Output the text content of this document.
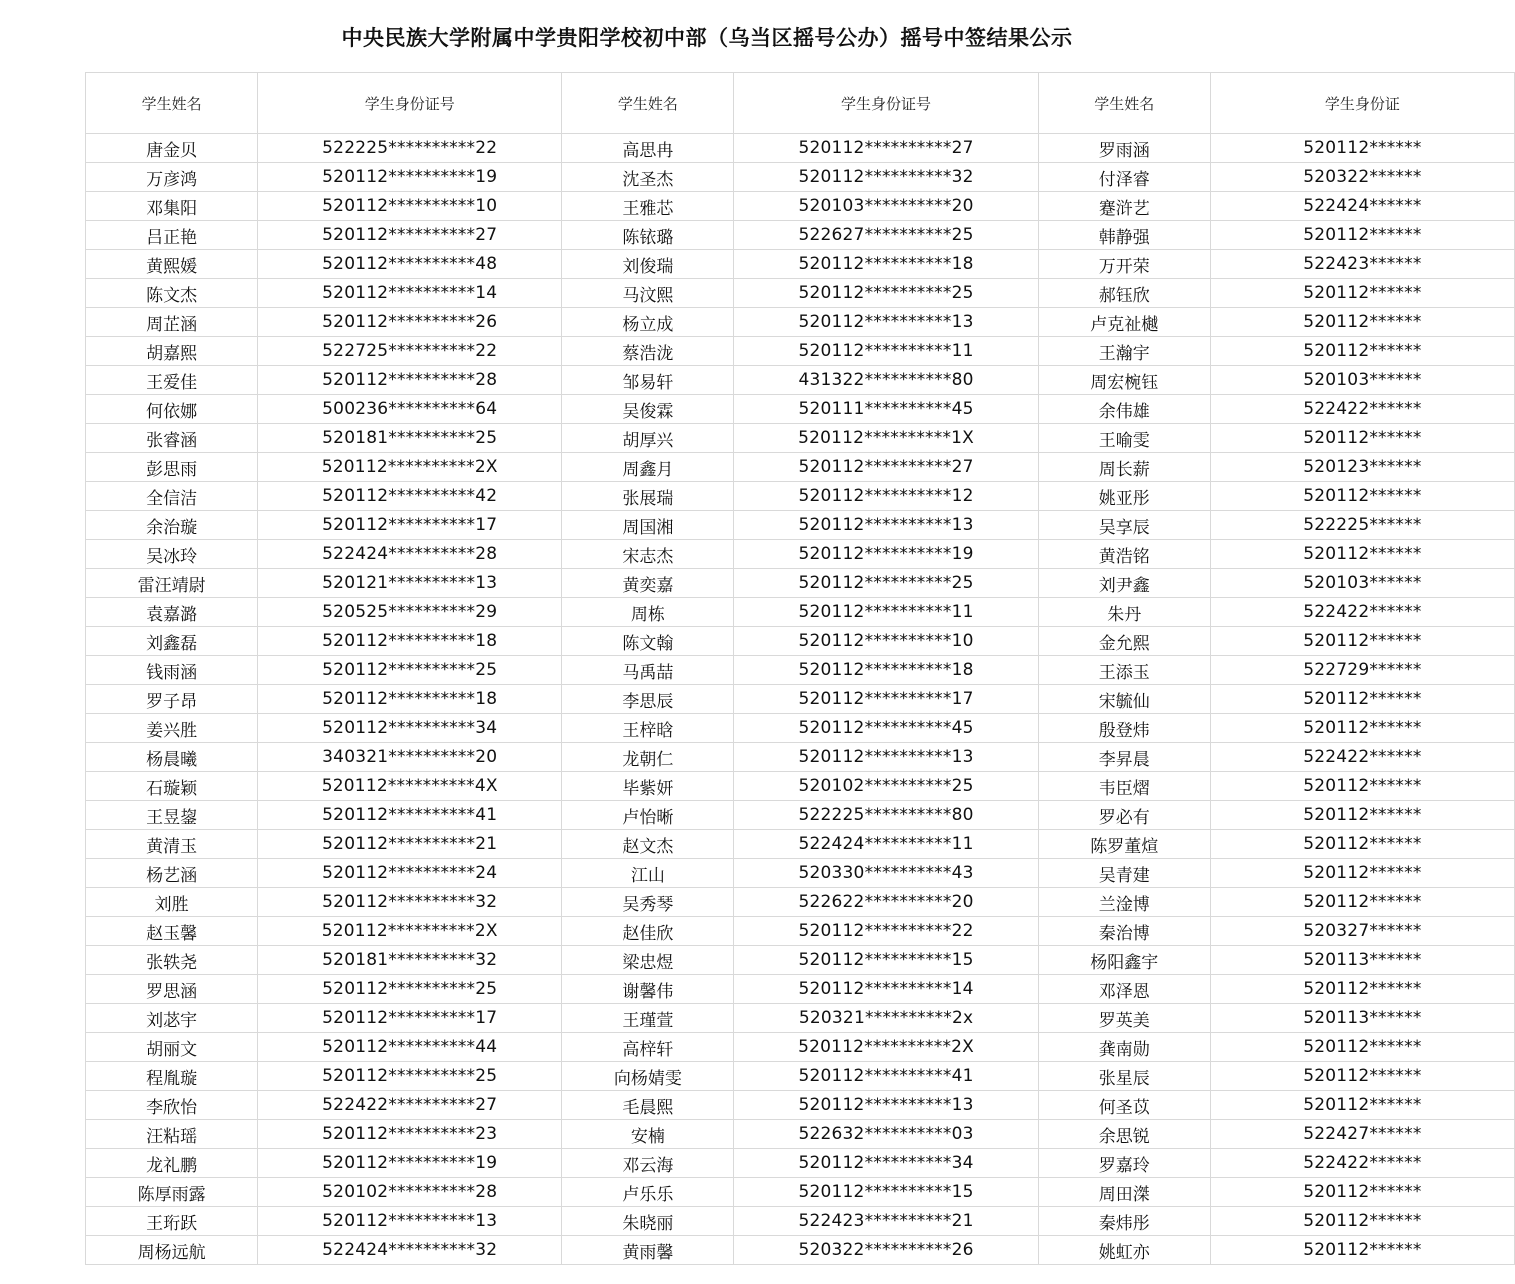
中央民族大学附属中学贵阳学校初中部（乌当区摇号公办）摇号中签结果公示
学生姓名	学生身份证号	学生姓名	学生身份证号	学生姓名	学生身份证
唐金贝	522225**********22	高思冉	520112**********27	罗雨涵	520112******
万彦鸿	520112**********19	沈圣杰	520112**********32	付泽睿	520322******
邓集阳	520112**********10	王雅芯	520103**********20	蹇浒艺	522424******
吕正艳	520112**********27	陈铱璐	522627**********25	韩静强	520112******
黄熙媛	520112**********48	刘俊瑞	520112**********18	万开荣	522423******
陈文杰	520112**********14	马汶熙	520112**********25	郝钰欣	520112******
周芷涵	520112**********26	杨立成	520112**********13	卢克祉樾	520112******
胡嘉熙	522725**********22	蔡浩泷	520112**********11	王瀚宇	520112******
王爱佳	520112**********28	邹易轩	431322**********80	周宏椀钰	520103******
何依娜	500236**********64	吴俊霖	520111**********45	余伟雄	522422******
张睿涵	520181**********25	胡厚兴	520112**********1X	王喻雯	520112******
彭思雨	520112**********2X	周鑫月	520112**********27	周长薪	520123******
全信洁	520112**********42	张展瑞	520112**********12	姚亚彤	520112******
余治璇	520112**********17	周国湘	520112**********13	吴享辰	522225******
吴冰玲	522424**********28	宋志杰	520112**********19	黄浩铭	520112******
雷汪靖尉	520121**********13	黄奕嘉	520112**********25	刘尹鑫	520103******
袁嘉潞	520525**********29	周栋	520112**********11	朱丹	522422******
刘鑫磊	520112**********18	陈文翰	520112**********10	金允熙	520112******
钱雨涵	520112**********25	马禹喆	520112**********18	王添玉	522729******
罗子昂	520112**********18	李思辰	520112**********17	宋毓仙	520112******
姜兴胜	520112**********34	王梓晗	520112**********45	殷登炜	520112******
杨晨曦	340321**********20	龙朝仁	520112**********13	李昇晨	522422******
石璇颖	520112**********4X	毕紫妍	520102**********25	韦臣熠	520112******
王昱鋆	520112**********41	卢怡晰	522225**********80	罗必有	520112******
黄清玉	520112**********21	赵文杰	522424**********11	陈罗董煊	520112******
杨艺涵	520112**********24	江山	520330**********43	吴青建	520112******
刘胜	520112**********32	吴秀琴	522622**********20	兰淦博	520112******
赵玉馨	520112**********2X	赵佳欣	520112**********22	秦治博	520327******
张轶尧	520181**********32	梁忠煜	520112**********15	杨阳鑫宇	520113******
罗思涵	520112**********25	谢馨伟	520112**********14	邓泽恩	520112******
刘苾宇	520112**********17	王瑾萱	520321**********2x	罗英美	520113******
胡丽文	520112**********44	高梓轩	520112**********2X	龚南勋	520112******
程胤璇	520112**********25	向杨婧雯	520112**********41	张星辰	520112******
李欣怡	522422**********27	毛晨熙	520112**********13	何圣苡	520112******
汪粘瑶	520112**********23	安楠	522632**********03	余思锐	522427******
龙礼鹏	520112**********19	邓云海	520112**********34	罗嘉玲	522422******
陈厚雨露	520102**********28	卢乐乐	520112**********15	周田滐	520112******
王珩跃	520112**********13	朱晓丽	522423**********21	秦炜彤	520112******
周杨远航	522424**********32	黄雨馨	520322**********26	姚虹亦	520112******
